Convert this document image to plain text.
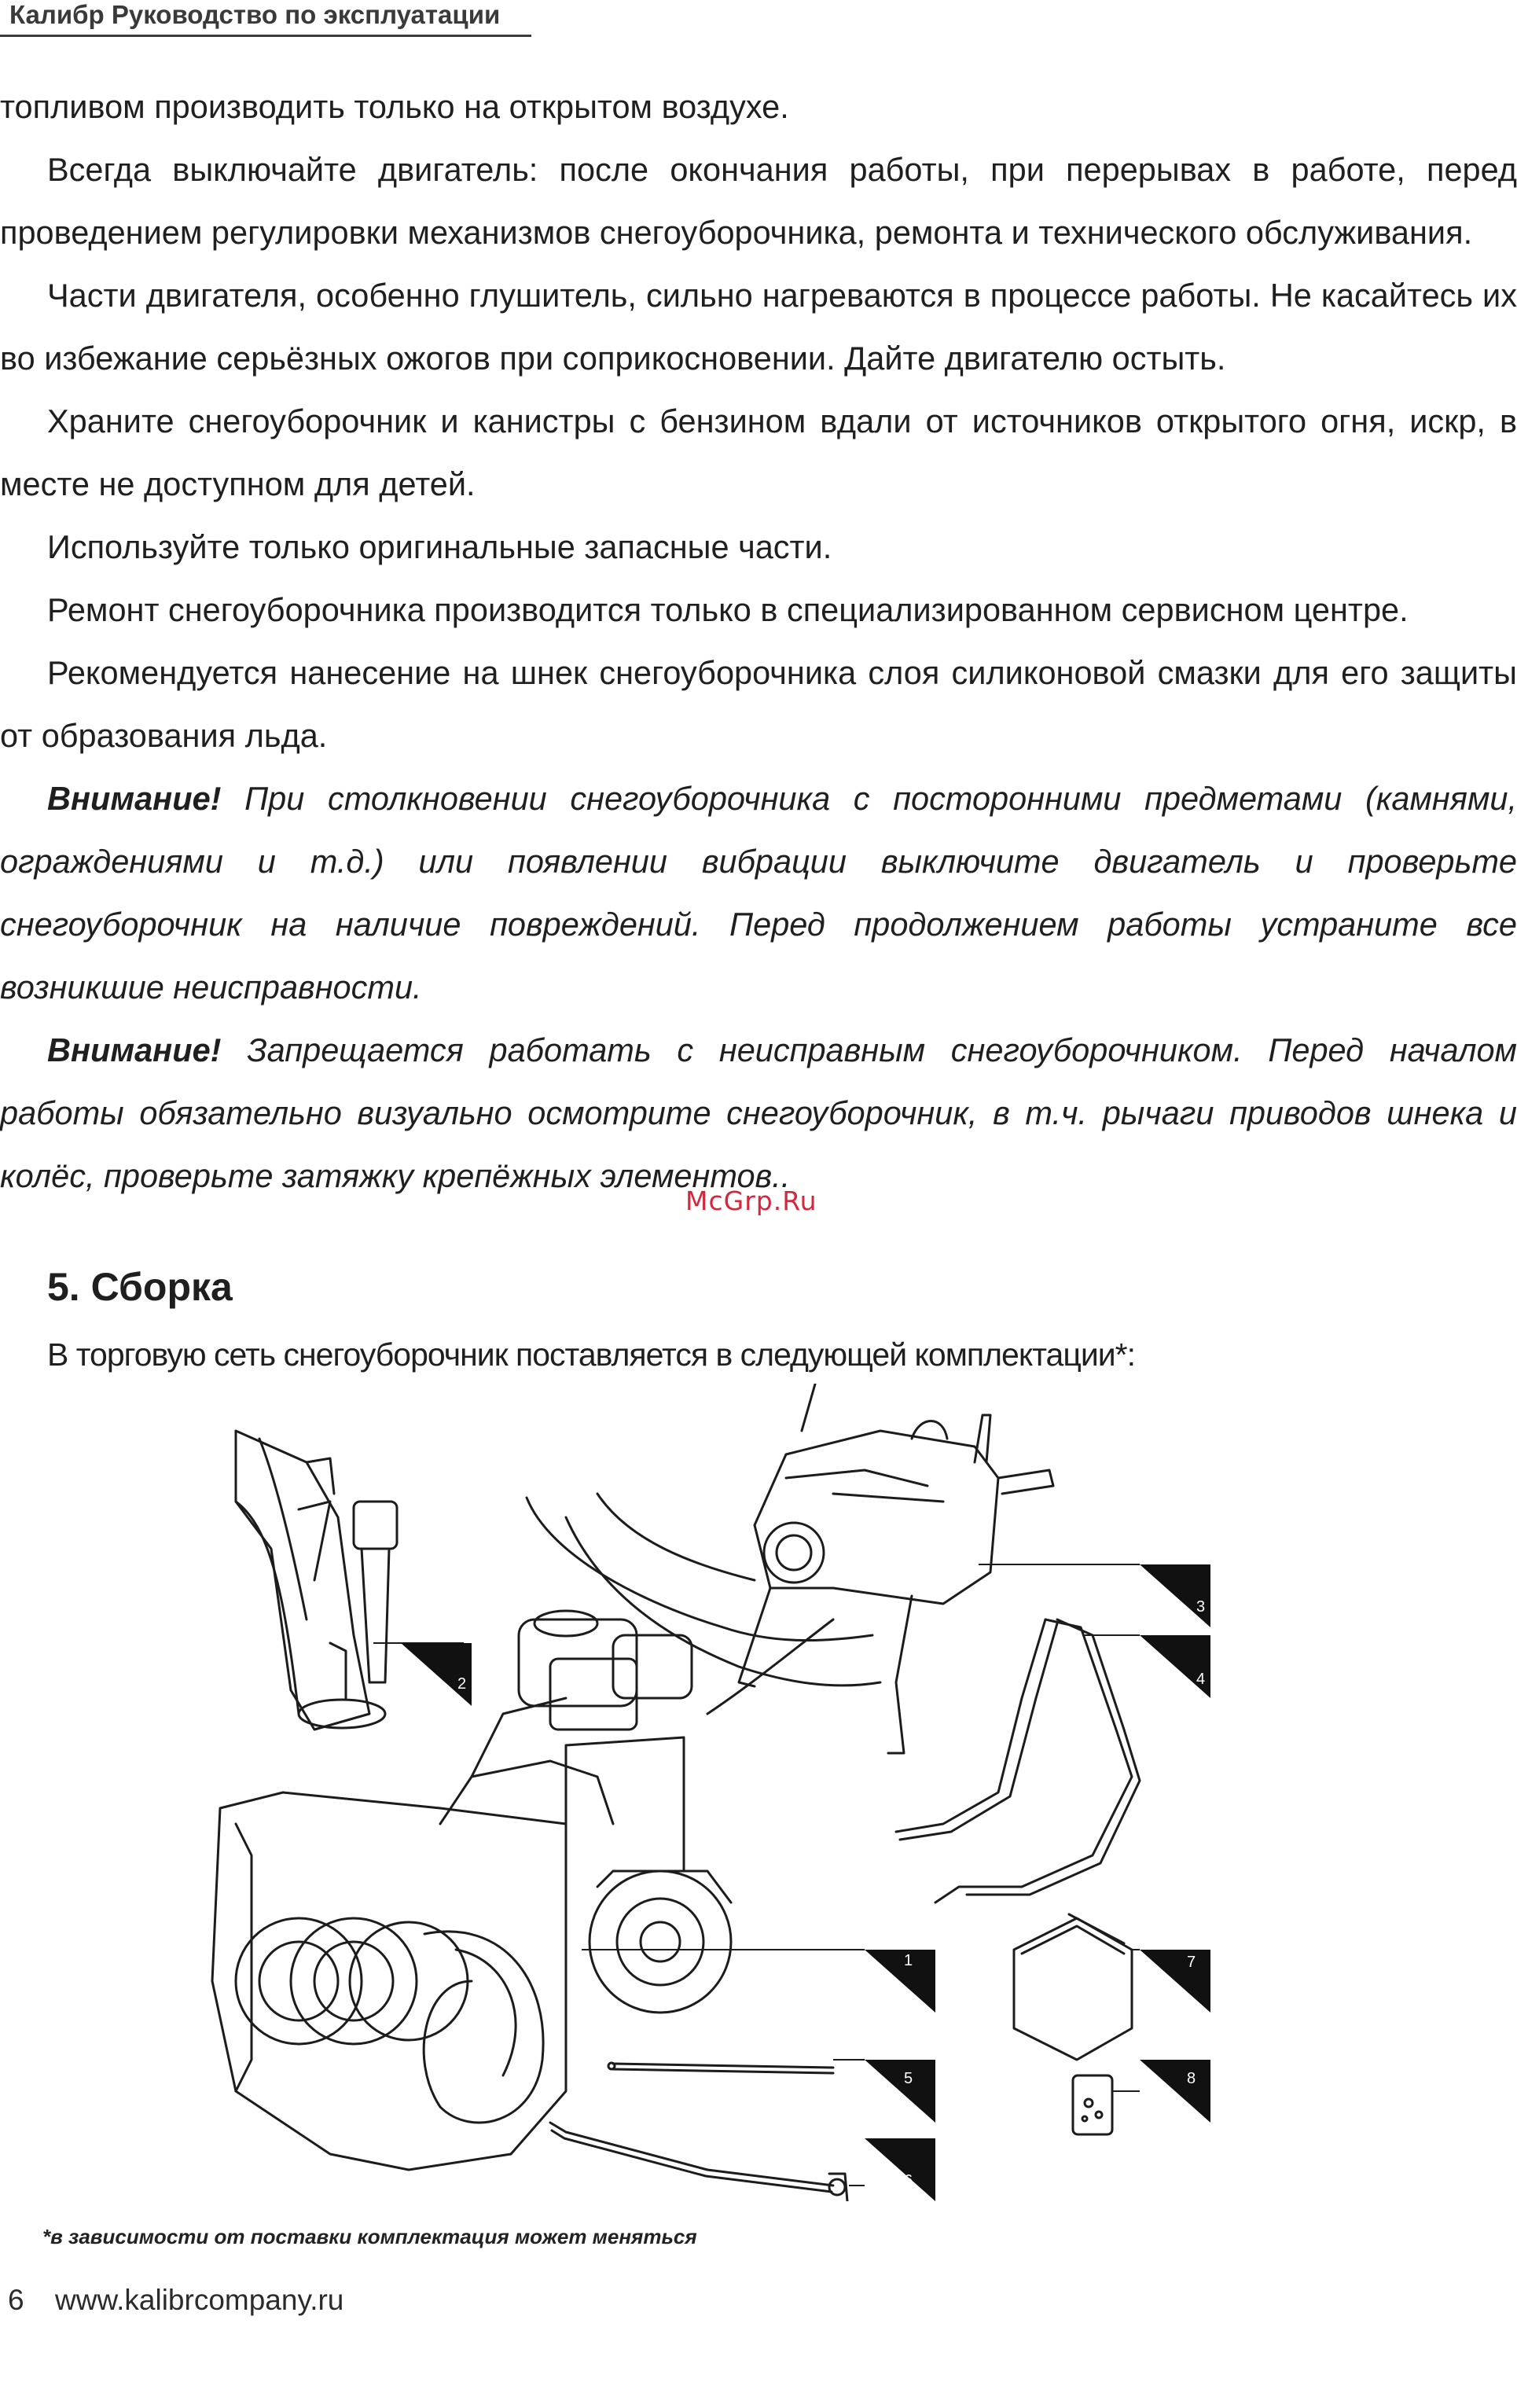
Калибр Руководство по эксплуатации

топливом производить только на открытом воздухе.

Всегда выключайте двигатель: после окончания работы, при перерывах в работе, перед проведением регулировки механизмов снегоуборочника, ремонта и технического обслуживания.

Части двигателя, особенно глушитель, сильно нагреваются в процессе работы. Не касайтесь их во избежание серьёзных ожогов при соприкосновении. Дайте двигателю остыть.

Храните снегоуборочник и канистры с бензином вдали от источников открытого огня, искр, в месте не доступном для детей.

Используйте только оригинальные запасные части.

Ремонт снегоуборочника производится только в специализированном сервисном центре.

Рекомендуется нанесение на шнек снегоуборочника слоя силиконовой смазки для его защиты от образования льда.

Внимание! При столкновении снегоуборочника с посторонними предметами (камнями, ограждениями и т.д.) или появлении вибрации выключите двигатель и проверьте снегоуборочник на наличие повреждений. Перед продолжением работы устраните все возникшие неисправности.

Внимание! Запрещается работать с неисправным снегоуборочником. Перед началом работы обязательно визуально осмотрите снегоуборочник, в т.ч. рычаги приводов шнека и колёс, проверьте затяжку крепёжных элементов..

McGrp.Ru
5. Сборка
В торговую сеть снегоуборочник поставляется в следующей комплектации*:
2
3
4
1	7
5	8
6
*в зависимости от поставки комплектация может меняться
6 www.kalibrcompany.ru
